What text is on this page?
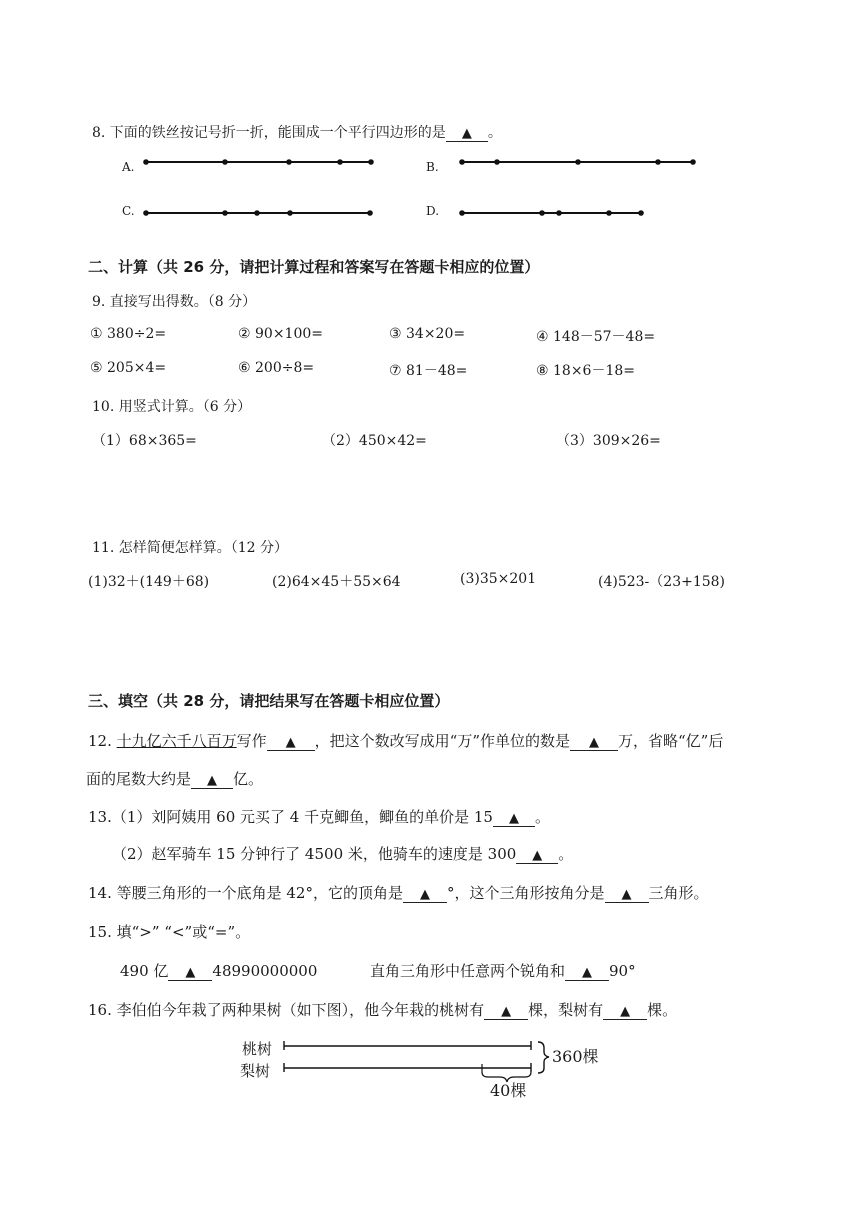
8. 下面的铁丝按记号折一折，能围成一个平行四边形的是 ▲ 。
A.	B.
C.	D.
二、计算（共 26 分，请把计算过程和答案写在答题卡相应的位置）
9. 直接写出得数。（8 分）
① 380÷2=	② 90×100=	③ 34×20=	④ 148－57－48=
⑤ 205×4=	⑥ 200÷8=	⑦ 81－48=	⑧ 18×6－18=
10. 用竖式计算。（6 分）
（1）68×365=	（2）450×42=	（3）309×26=
11. 怎样简便怎样算。（12 分）
(1)32＋(149＋68)	(2)64×45＋55×64	(3)35×201	(4)523-（23+158)
三、填空（共 28 分，请把结果写在答题卡相应位置）
12. 十九亿六千八百万写作 ▲ ，把这个数改写成用“万”作单位的数是 ▲ 万，省略“亿”后
面的尾数大约是 ▲ 亿。
13.（1）刘阿姨用 60 元买了 4 千克鲫鱼，鲫鱼的单价是 15 ▲ 。
（2）赵军骑车 15 分钟行了 4500 米，他骑车的速度是 300 ▲ 。
14. 等腰三角形的一个底角是 42°，它的顶角是 ▲ °，这个三角形按角分是 ▲ 三角形。
15. 填“>” “<”或“=”。
490 亿 ▲ 48990000000	直角三角形中任意两个锐角和 ▲ 90°
16. 李伯伯今年栽了两种果树（如下图），他今年栽的桃树有 ▲ 棵，梨树有 ▲ 棵。
桃树
梨树
360棵
40棵
